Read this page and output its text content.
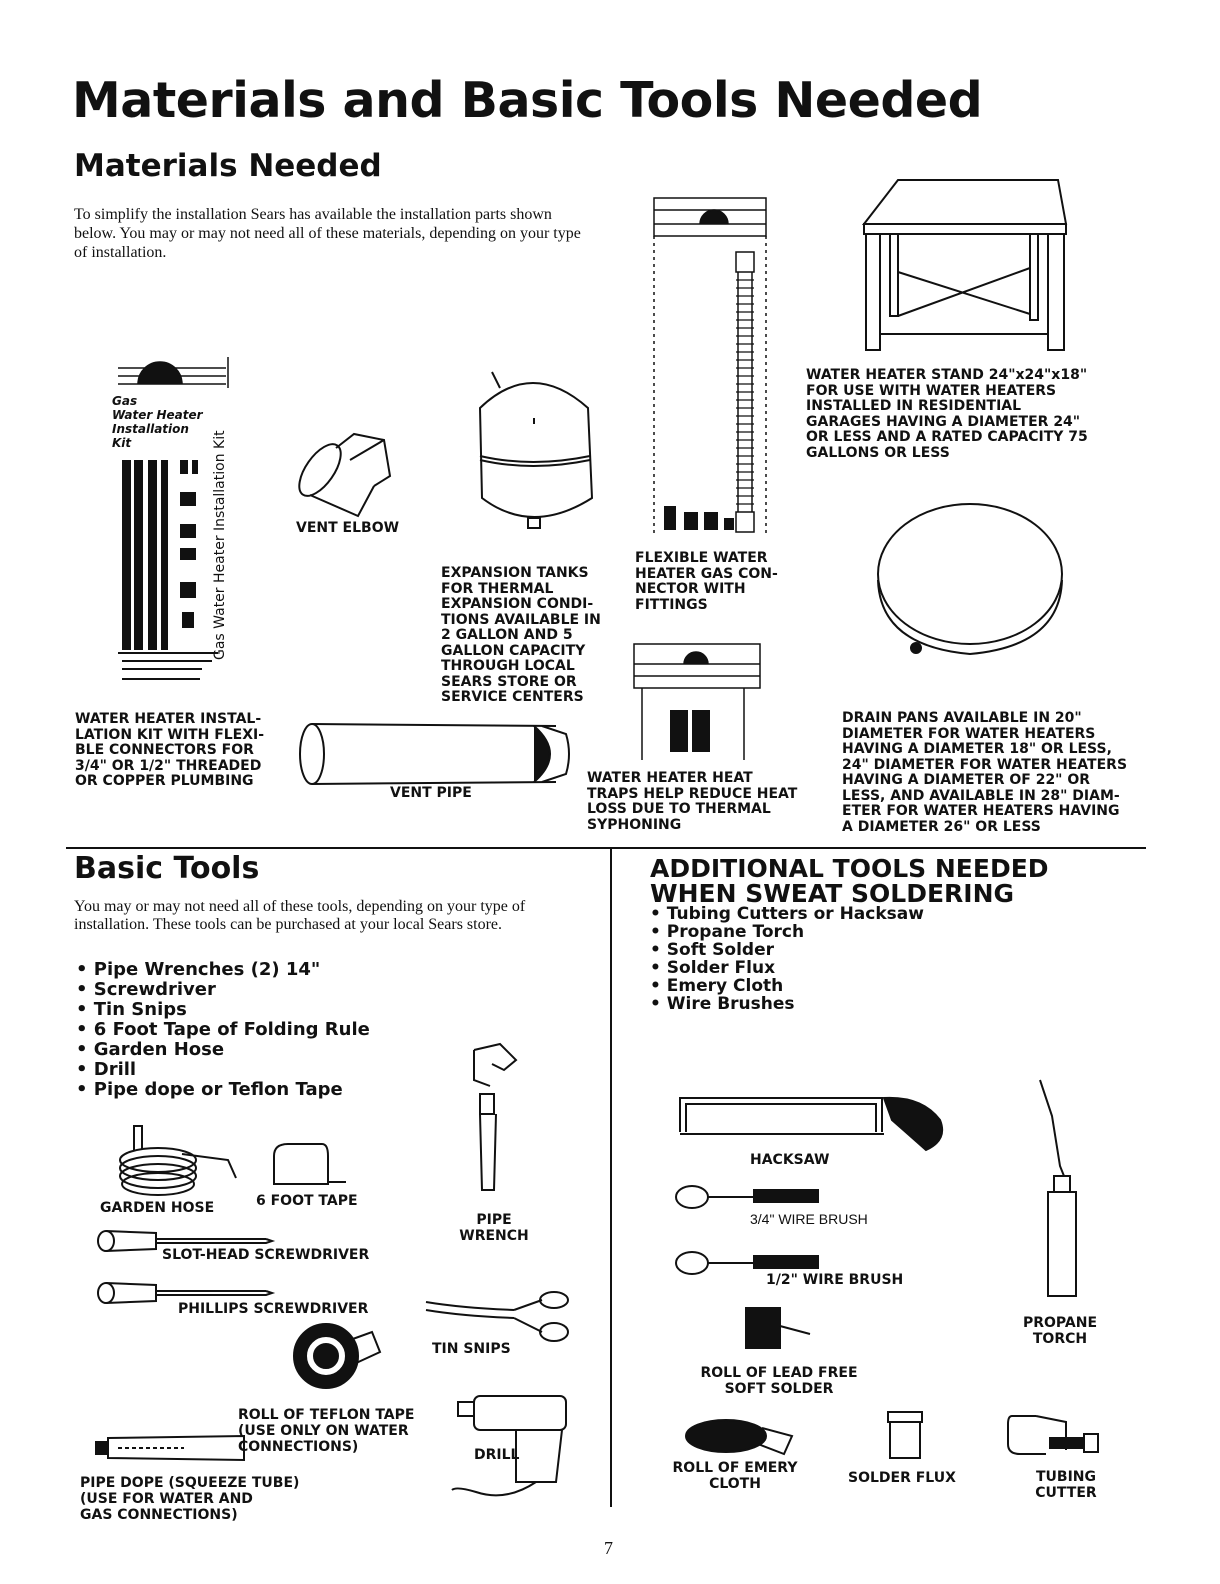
Materials and Basic Tools Needed
Materials Needed
To simplify the installation Sears has available the installation parts shown below. You may or may not need all of these materials, depending on your type of installation.
Gas
Water Heater
Installation
Kit	Gas Water Heater Installation Kit
WATER HEATER INSTAL-
LATION KIT WITH FLEXI-
BLE CONNECTORS FOR
3/4" OR 1/2" THREADED
OR COPPER PLUMBING
VENT ELBOW
EXPANSION TANKS
FOR THERMAL
EXPANSION CONDI-
TIONS AVAILABLE IN
2 GALLON AND 5
GALLON CAPACITY
THROUGH LOCAL
SEARS STORE OR
SERVICE CENTERS
FLEXIBLE WATER
HEATER GAS CON-
NECTOR WITH
FITTINGS
WATER HEATER STAND 24"x24"x18"
FOR USE WITH WATER HEATERS
INSTALLED IN RESIDENTIAL
GARAGES HAVING A DIAMETER 24"
OR LESS AND A RATED CAPACITY 75
GALLONS OR LESS
DRAIN PANS AVAILABLE IN 20"
DIAMETER FOR WATER HEATERS
HAVING A DIAMETER 18" OR LESS,
24" DIAMETER FOR WATER HEATERS
HAVING A DIAMETER OF 22" OR
LESS, AND AVAILABLE IN 28" DIAM-
ETER FOR WATER HEATERS HAVING
A DIAMETER 26" OR LESS
VENT PIPE
WATER HEATER HEAT
TRAPS HELP REDUCE HEAT
LOSS DUE TO THERMAL
SYPHONING
Basic Tools
You may or may not need all of these tools, depending on your type of installation. These tools can be purchased at your local Sears store.
• Pipe Wrenches (2) 14"
• Screwdriver
• Tin Snips
• 6 Foot Tape of Folding Rule
• Garden Hose
• Drill
• Pipe dope or Teflon Tape
GARDEN HOSE	6 FOOT TAPE
PIPE
WRENCH
SLOT-HEAD SCREWDRIVER
PHILLIPS SCREWDRIVER
TIN SNIPS
ROLL OF TEFLON TAPE
(USE ONLY ON WATER
CONNECTIONS)	DRILL
PIPE DOPE (SQUEEZE TUBE)
(USE FOR WATER AND
GAS CONNECTIONS)
ADDITIONAL TOOLS NEEDED
WHEN SWEAT SOLDERING
• Tubing Cutters or Hacksaw
• Propane Torch
• Soft Solder
• Solder Flux
• Emery Cloth
• Wire Brushes
HACKSAW
3/4" WIRE BRUSH
1/2" WIRE BRUSH
ROLL OF LEAD FREE
SOFT SOLDER
PROPANE
TORCH
ROLL OF EMERY
CLOTH	SOLDER FLUX	TUBING
CUTTER
7
